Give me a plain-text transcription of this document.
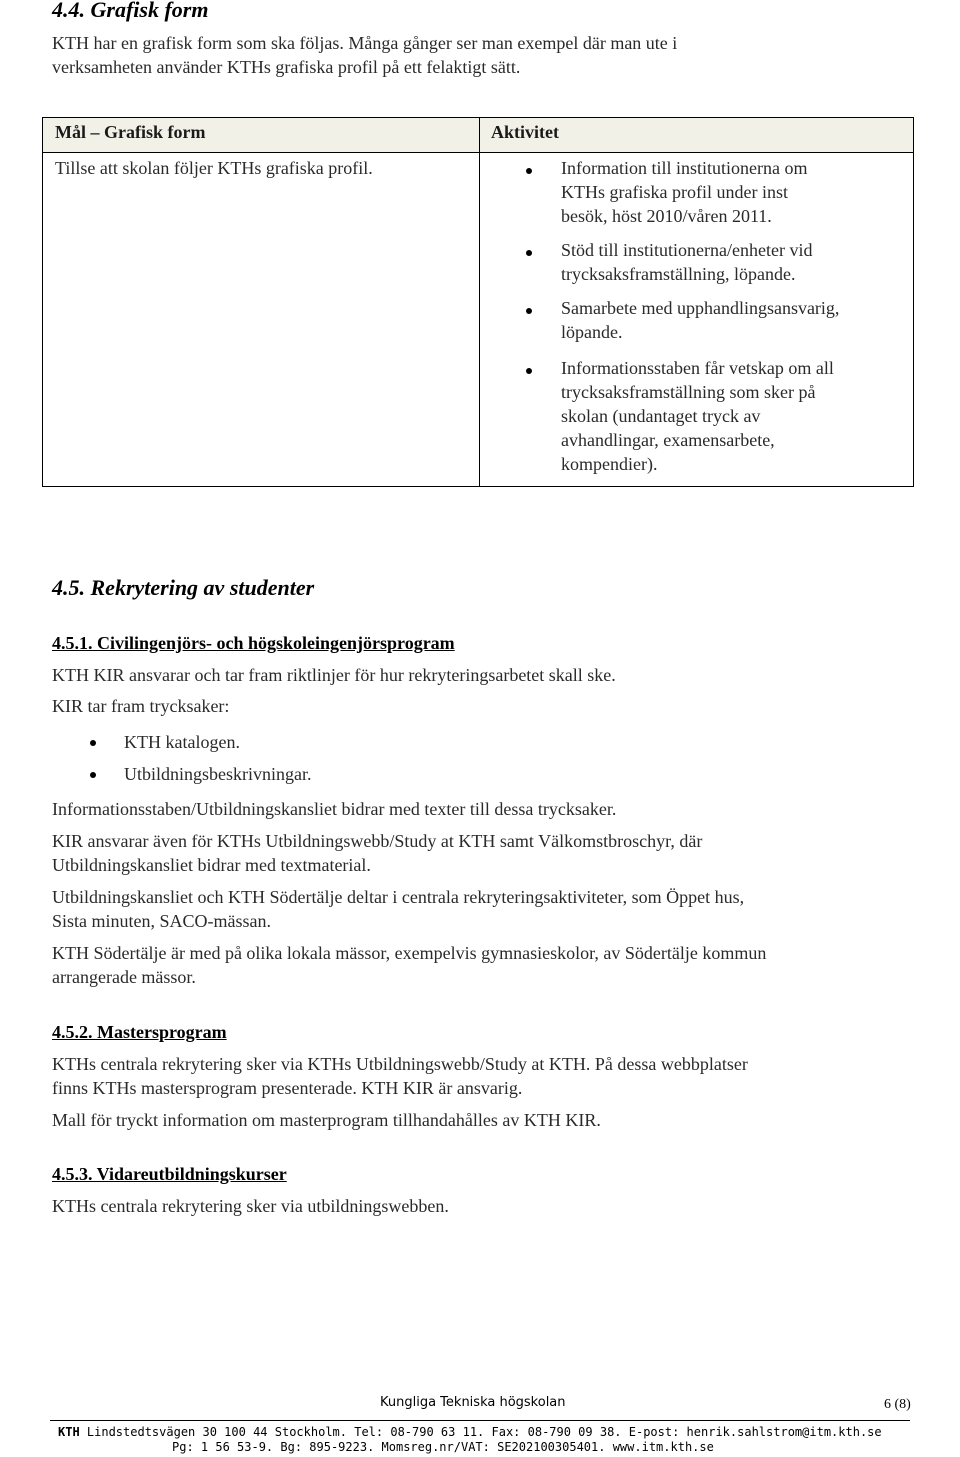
4.4. Grafisk form
KTH har en grafisk form som ska följas. Många gånger ser man exempel där man ute i
verksamheten använder KTHs grafiska profil på ett felaktigt sätt.
Mål – Grafisk form	Aktivitet
Tillse att skolan följer KTHs grafiska profil.	Information till institutionerna om
KTHs grafiska profil under inst
besök, höst 2010/våren 2011.
Stöd till institutionerna/enheter vid
trycksaksframställning, löpande.
Samarbete med upphandlingsansvarig,
löpande.
Informationsstaben får vetskap om all
trycksaksframställning som sker på
skolan (undantaget tryck av
avhandlingar, examensarbete,
kompendier).
4.5. Rekrytering av studenter
4.5.1. Civilingenjörs- och högskoleingenjörsprogram
KTH KIR ansvarar och tar fram riktlinjer för hur rekryteringsarbetet skall ske.
KIR tar fram trycksaker:
KTH katalogen.
Utbildningsbeskrivningar.
Informationsstaben/Utbildningskansliet bidrar med texter till dessa trycksaker.
KIR ansvarar även för KTHs Utbildningswebb/Study at KTH samt Välkomstbroschyr, där
Utbildningskansliet bidrar med textmaterial.
Utbildningskansliet och KTH Södertälje deltar i centrala rekryteringsaktiviteter, som Öppet hus,
Sista minuten, SACO-mässan.
KTH Södertälje är med på olika lokala mässor, exempelvis gymnasieskolor, av Södertälje kommun
arrangerade mässor.
4.5.2. Mastersprogram
KTHs centrala rekrytering sker via KTHs Utbildningswebb/Study at KTH. På dessa webbplatser
finns KTHs mastersprogram presenterade. KTH KIR är ansvarig.
Mall för tryckt information om masterprogram tillhandahålles av KTH KIR.
4.5.3. Vidareutbildningskurser
KTHs centrala rekrytering sker via utbildningswebben.
Kungliga Tekniska högskolan	6 (8)
KTH Lindstedtsvägen 30 100 44 Stockholm. Tel: 08-790 63 11. Fax: 08-790 09 38. E-post: henrik.sahlstrom@itm.kth.se
Pg: 1 56 53-9. Bg: 895-9223. Momsreg.nr/VAT: SE202100305401. www.itm.kth.se
